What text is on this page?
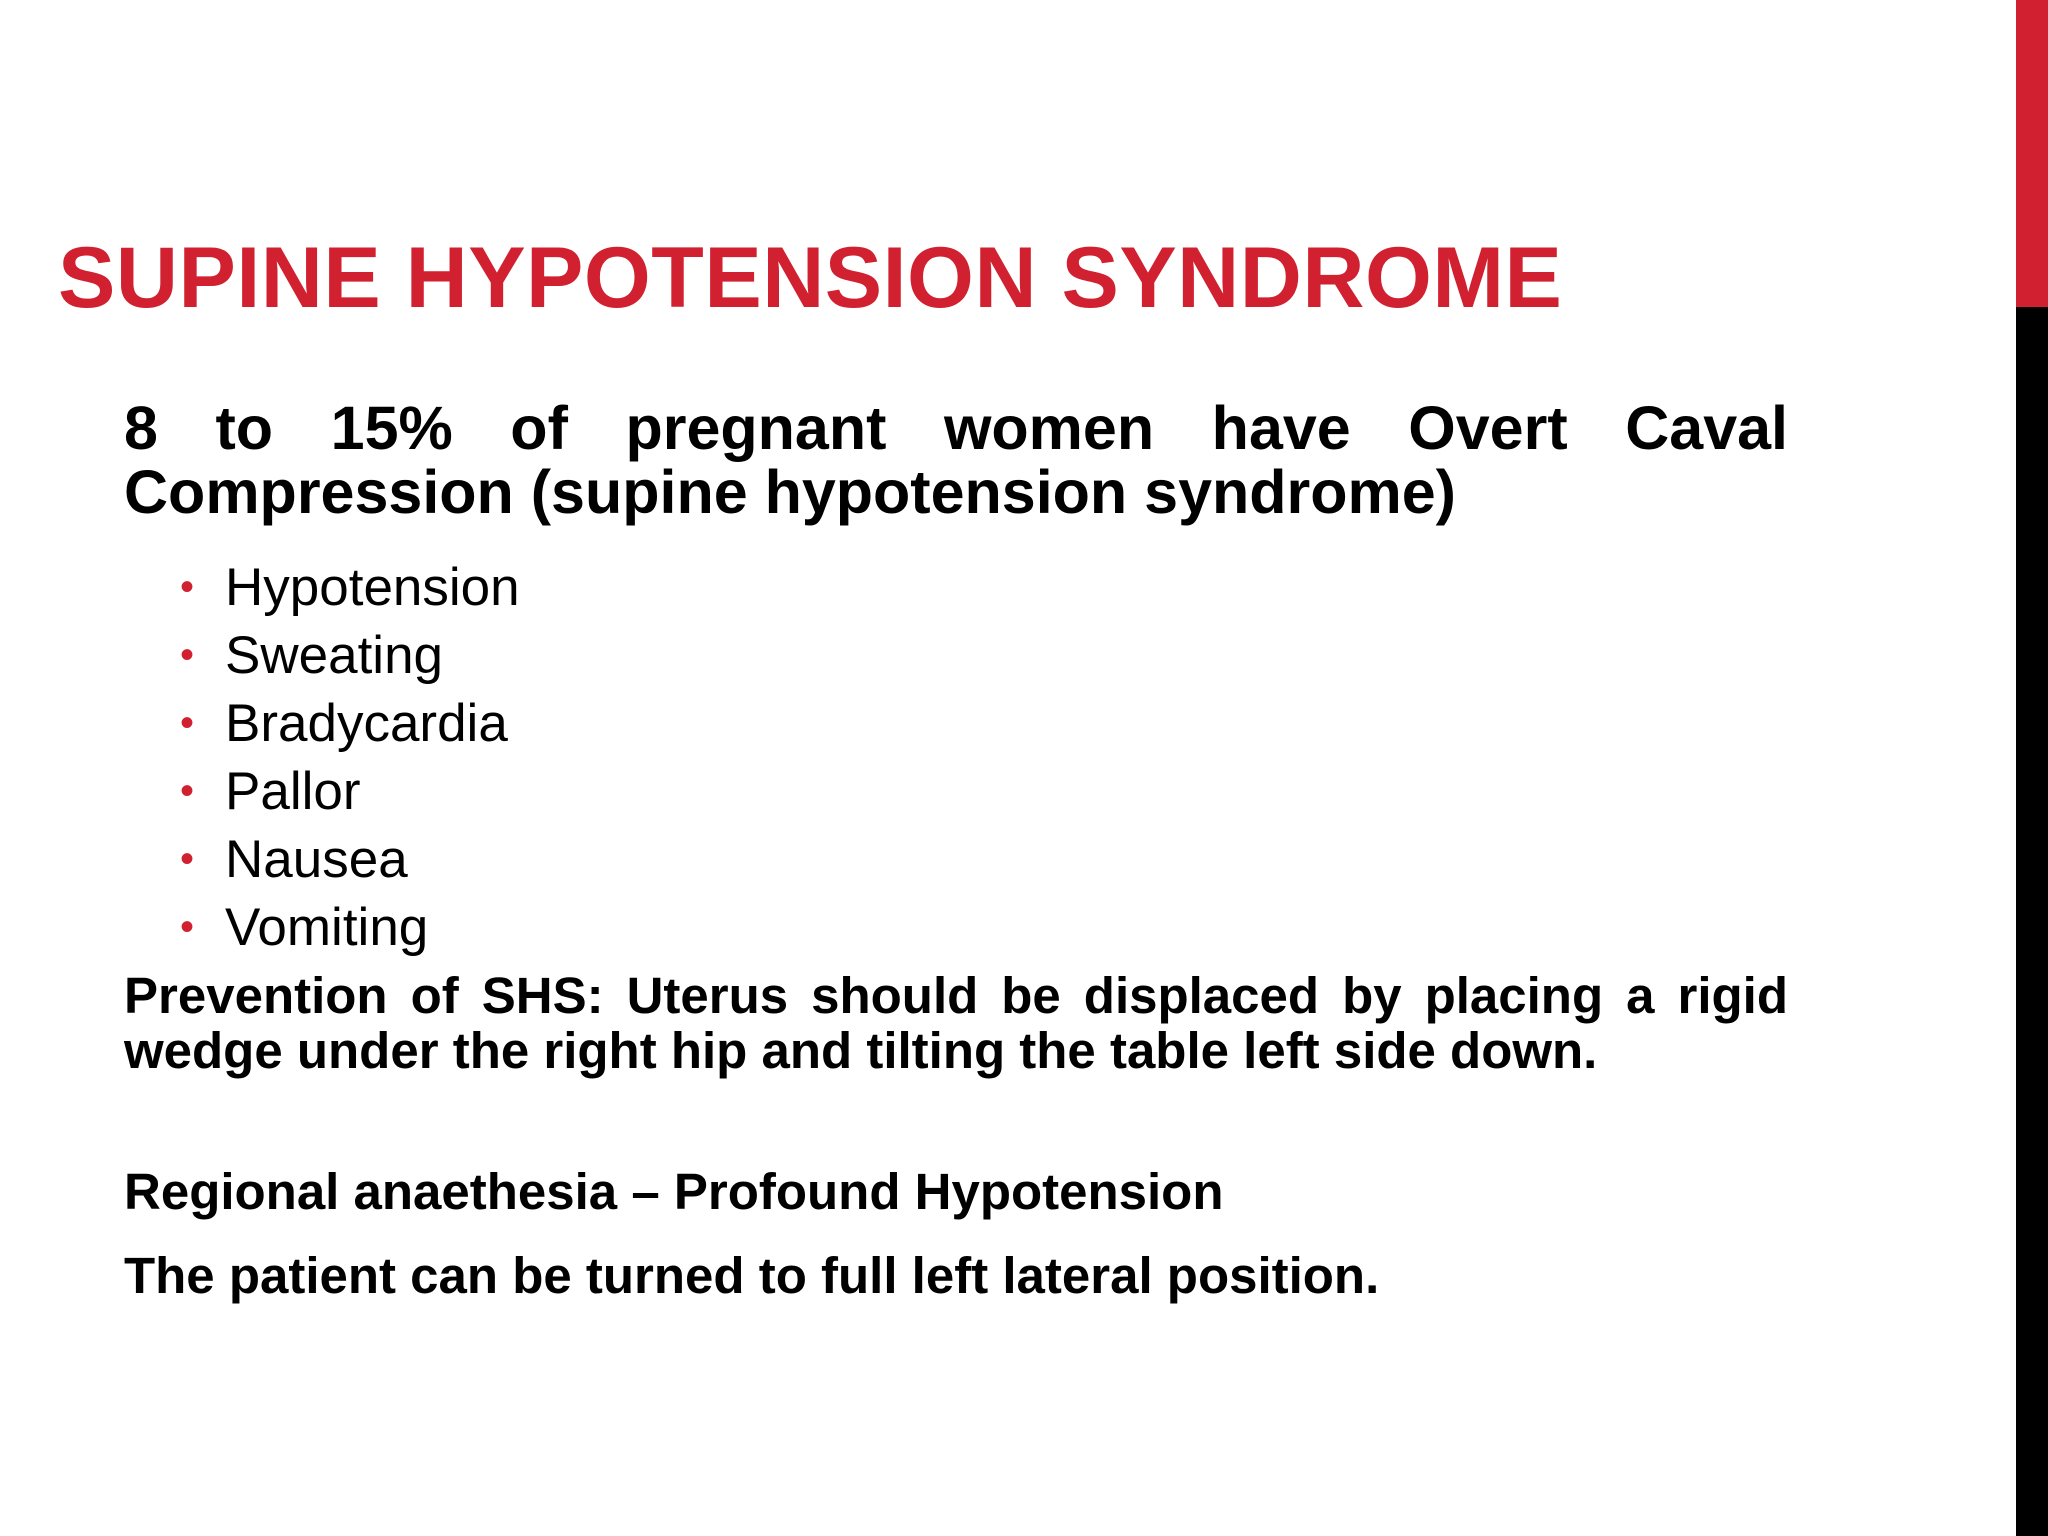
SUPINE HYPOTENSION SYNDROME

8 to 15% of pregnant women have Overt Caval Compression (supine hypotension syndrome)

• Hypotension
• Sweating
• Bradycardia
• Pallor
• Nausea
• Vomiting

Prevention of SHS: Uterus should be displaced by placing a rigid wedge under the right hip and tilting the table left side down.

Regional anaethesia – Profound Hypotension

The patient can be turned to full left lateral position.
